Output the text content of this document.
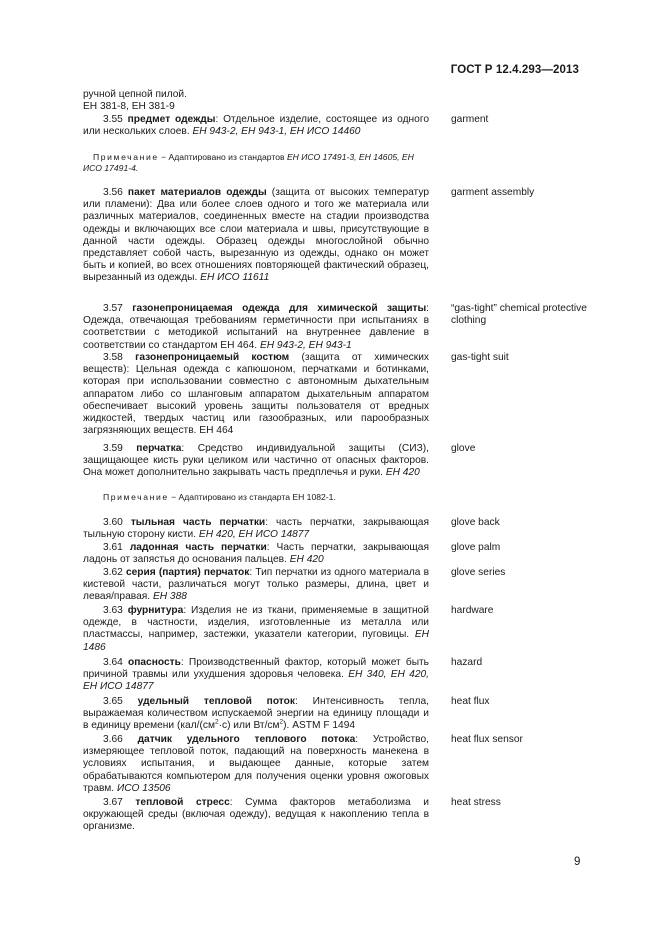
ГОСТ Р 12.4.293—2013

ручной цепной пилой.

ЕН 381-8, ЕН 381-9

3.55 предмет одежды: Отдельное изделие, состоящее из одного или нескольких слоев. ЕН 943-2, ЕН 943-1, ЕН ИСО 14460

garment
Примечание − Адаптировано из стандартов ЕН ИСО 17491-3, ЕН 14605, ЕН ИСО 17491-4.

3.56 пакет материалов одежды (защита от высоких температур или пламени): Два или более слоев одного и того же материала или различных материалов, соединенных вместе на стадии производства одежды и включающих все слои материала и швы, присутствующие в данной части одежды. Образец одежды многослойной обычно представляет собой часть, вырезанную из одежды, однако он может быть и копией, во всех отношениях повторяющей фактический образец, вырезанный из одежды. ЕН ИСО 11611

garment assembly

3.57 газонепроницаемая одежда для химической защиты: Одежда, отвечающая требованиям герметичности при испытаниях в соответствии с методикой испытаний на внутреннее давление в соответствии со стандартом ЕН 464. ЕН 943-2, ЕН 943-1

“gas-tight” chemical protective clothing

3.58 газонепроницаемый костюм (защита от химических веществ): Цельная одежда с капюшоном, перчатками и ботинками, которая при использовании совместно с автономным дыхательным аппаратом либо со шланговым аппаратом дыхательным аппаратом обеспечивает высокий уровень защиты пользователя от вредных жидкостей, твердых частиц или газообразных, или парообразных загрязняющих веществ. ЕН 464

gas-tight suit

3.59 перчатка: Средство индивидуальной защиты (СИЗ), защищающее кисть руки целиком или частично от опасных факторов. Она может дополнительно закрывать часть предплечья и руки. ЕН 420

glove
Примечание − Адаптировано из стандарта ЕН 1082-1.

3.60 тыльная часть перчатки: часть перчатки, закрывающая тыльную сторону кисти. ЕН 420, ЕН ИСО 14877

glove back

3.61 ладонная часть перчатки: Часть перчатки, закрывающая ладонь от запястья до основания пальцев. ЕН 420

glove palm

3.62 серия (партия) перчаток: Тип перчатки из одного материала в кистевой части, различаться могут только размеры, длина, цвет и левая/правая. ЕН 388

glove series

3.63 фурнитура: Изделия не из ткани, применяемые в защитной одежде, в частности, изделия, изготовленные из металла или пластмассы, например, застежки, указатели категории, пуговицы. ЕН 1486

hardware

3.64 опасность: Производственный фактор, который может быть причиной травмы или ухудшения здоровья человека. ЕН 340, ЕН 420, ЕН ИСО 14877

hazard

3.65 удельный тепловой поток: Интенсивность тепла, выражаемая количеством испускаемой энергии на единицу площади и в единицу времени ($кал/(см^2\cdot с)$ или $Вт/см^2$). ASTM F 1494

heat flux

3.66 датчик удельного теплового потока: Устройство, измеряющее тепловой поток, падающий на поверхность манекена в условиях испытания, и выдающее данные, которые затем обрабатываются компьютером для получения оценки уровня ожоговых травм. ИСО 13506

heat flux sensor

3.67 тепловой стресс: Сумма факторов метаболизма и окружающей среды (включая одежду), ведущая к накоплению тепла в организме.

heat stress
9
